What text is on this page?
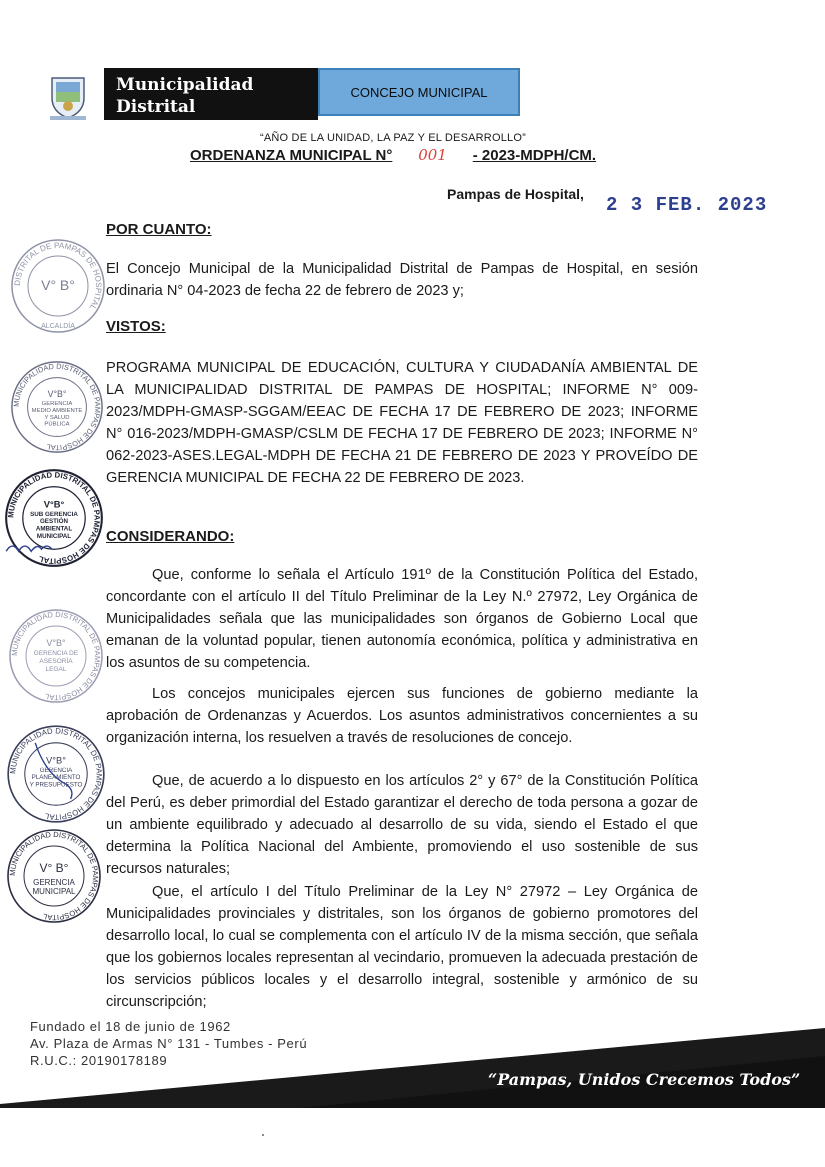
Municipalidad Distrital
de Pampas de Hospital
CONCEJO MUNICIPAL
“AÑO DE LA UNIDAD, LA PAZ Y EL DESARROLLO”
ORDENANZA MUNICIPAL N° 001 - 2023-MDPH/CM.
Pampas de Hospital, 2 3 FEB. 2023
POR CUANTO:
El Concejo Municipal de la Municipalidad Distrital de Pampas de Hospital, en sesión ordinaria N° 04-2023 de fecha 22 de febrero de 2023 y;
VISTOS:
PROGRAMA MUNICIPAL DE EDUCACIÓN, CULTURA Y CIUDADANÍA AMBIENTAL DE LA MUNICIPALIDAD DISTRITAL DE PAMPAS DE HOSPITAL; INFORME N° 009-2023/MDPH-GMASP-SGGAM/EEAC DE FECHA 17 DE FEBRERO DE 2023; INFORME N° 016-2023/MDPH-GMASP/CSLM DE FECHA 17 DE FEBRERO DE 2023; INFORME N° 062-2023-ASES.LEGAL-MDPH DE FECHA 21 DE FEBRERO DE 2023 Y PROVEÍDO DE GERENCIA MUNICIPAL DE FECHA 22 DE FEBRERO DE 2023.
CONSIDERANDO:
Que, conforme lo señala el Artículo 191º de la Constitución Política del Estado, concordante con el artículo II del Título Preliminar de la Ley N.º 27972, Ley Orgánica de Municipalidades señala que las municipalidades son órganos de Gobierno Local que emanan de la voluntad popular, tienen autonomía económica, política y administrativa en los asuntos de su competencia.
Los concejos municipales ejercen sus funciones de gobierno mediante la aprobación de Ordenanzas y Acuerdos. Los asuntos administrativos concernientes a su organización interna, los resuelven a través de resoluciones de concejo.
Que, de acuerdo a lo dispuesto en los artículos 2° y 67° de la Constitución Política del Perú, es deber primordial del Estado garantizar el derecho de toda persona a gozar de un ambiente equilibrado y adecuado al desarrollo de su vida, siendo el Estado el que determina la Política Nacional del Ambiente, promoviendo el uso sostenible de sus recursos naturales;
Que, el artículo I del Título Preliminar de la Ley N° 27972 – Ley Orgánica de Municipalidades provinciales y distritales, son los órganos de gobierno promotores del desarrollo local, lo cual se complementa con el artículo IV de la misma sección, que señala que los gobiernos locales representan al vecindario, promueven la adecuada prestación de los servicios públicos locales y el desarrollo integral, sostenible y armónico de su circunscripción;
DISTRITAL DE PAMPAS DE HOSPITAL
V° B°
ALCALDÍA
MUNICIPALIDAD DISTRITAL DE PAMPAS DE HOSPITAL
V°B°
GERENCIA MEDIO AMBIENTE Y SALUD PÚBLICA
MUNICIPALIDAD DISTRITAL DE PAMPAS DE HOSPITAL
V°B°
SUB GERENCIA GESTIÓN AMBIENTAL MUNICIPAL
MUNICIPALIDAD DISTRITAL DE PAMPAS DE HOSPITAL
V°B°
GERENCIA DE ASESORÍA LEGAL
MUNICIPALIDAD DISTRITAL DE PAMPAS DE HOSPITAL
V°B°
GERENCIA PLANEAMIENTO Y PRESUPUESTO
MUNICIPALIDAD DISTRITAL DE PAMPAS DE HOSPITAL
V° B°
GERENCIA MUNICIPAL
Fundado el 18 de junio de 1962
Av. Plaza de Armas N° 131 - Tumbes - Perú
R.U.C.: 20190178189
“Pampas, Unidos Crecemos Todos”
